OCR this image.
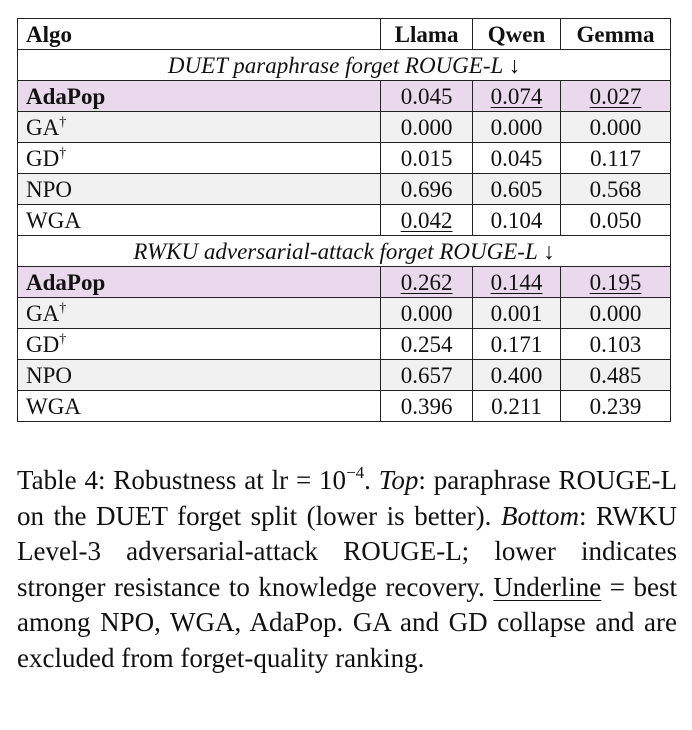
Algo	Llama	Qwen	Gemma
DUET paraphrase forget ROUGE-L ↓			
AdaPop	0.045	0.074	0.027
GA†	0.000	0.000	0.000
GD†	0.015	0.045	0.117
NPO	0.696	0.605	0.568
WGA	0.042	0.104	0.050
RWKU adversarial-attack forget ROUGE-L ↓			
AdaPop	0.262	0.144	0.195
GA†	0.000	0.001	0.000
GD†	0.254	0.171	0.103
NPO	0.657	0.400	0.485
WGA	0.396	0.211	0.239
Table 4: Robustness at lr = $10^{-4}$. Top: paraphrase ROUGE-L on the DUET forget split (lower is better). Bottom: RWKU Level-3 adversarial-attack ROUGE-L; lower indicates stronger resistance to knowledge recovery. Underline = best among NPO, WGA, AdaPop. GA and GD collapse and are excluded from forget-quality ranking.
